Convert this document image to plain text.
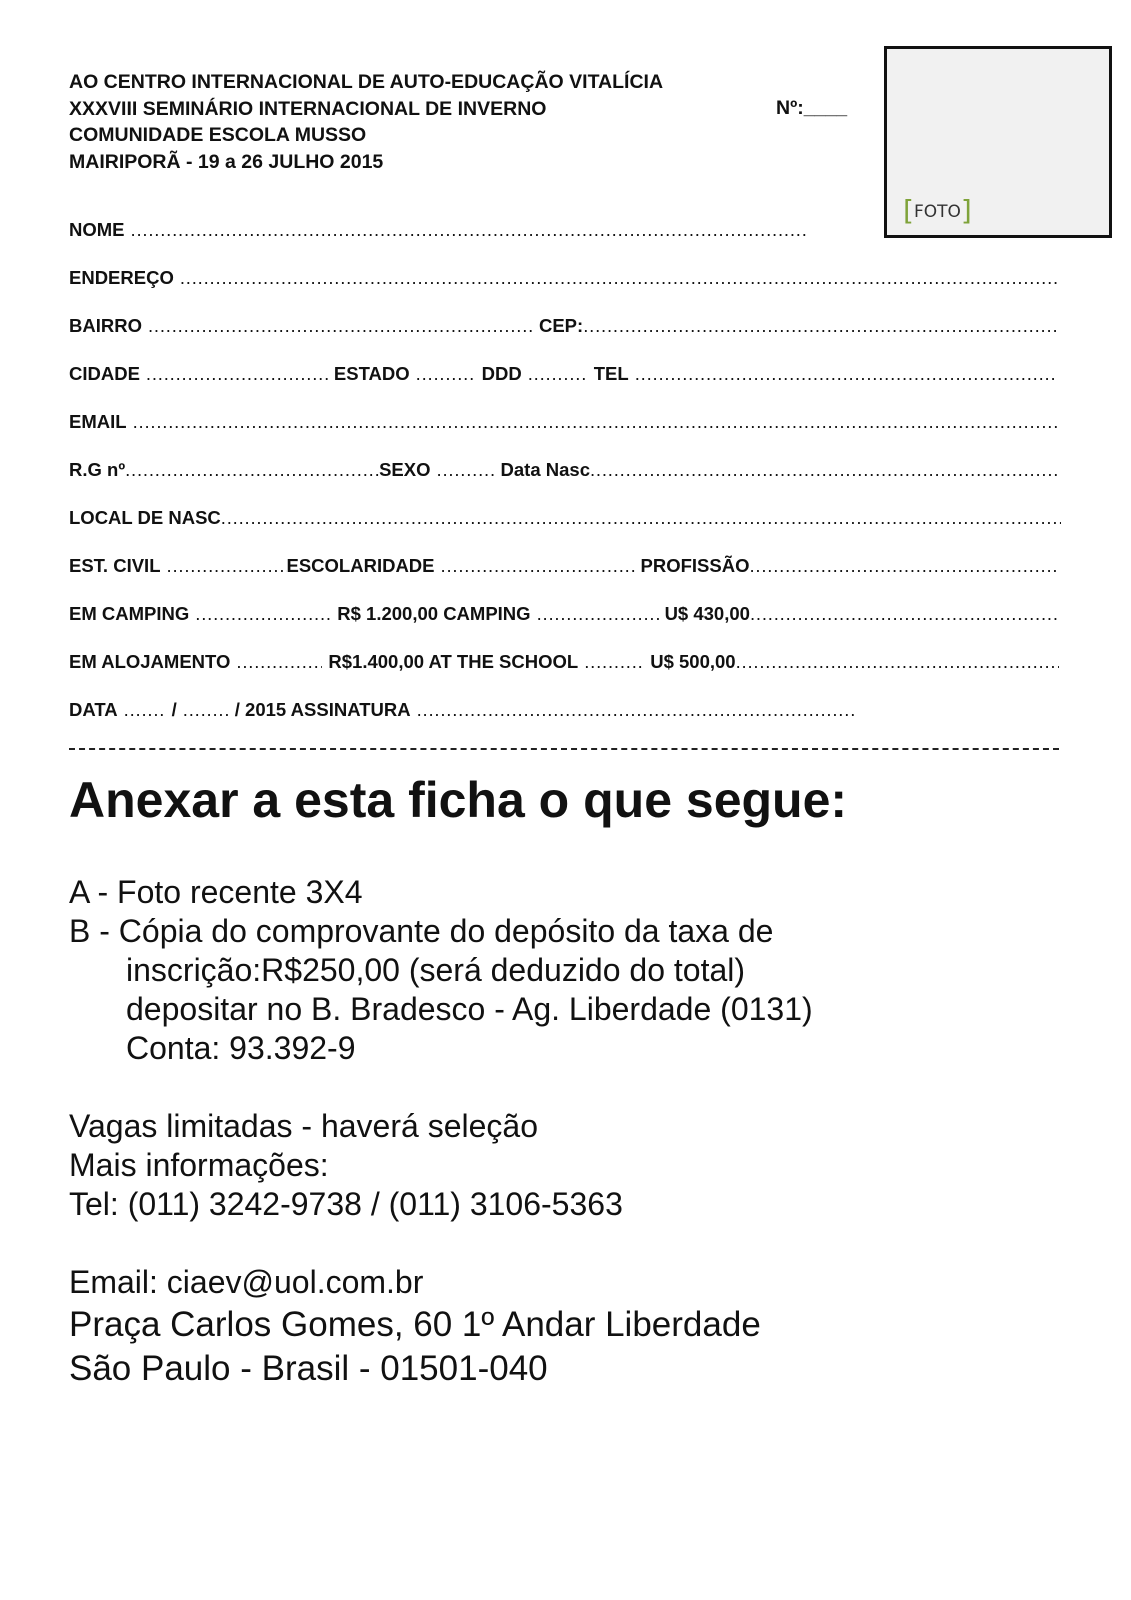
AO CENTRO INTERNACIONAL DE AUTO-EDUCAÇÃO VITALÍCIA
XXXVIII SEMINÁRIO INTERNACIONAL DE INVERNO
COMUNIDADE ESCOLA MUSSO
MAIRIPORÃ - 19 a 26 JULHO 2015
Nº:____
[FOTO]
NOME
.....
ENDEREÇO
.....
BAIRRO .....	CEP:
.....
CIDADE .....	ESTADO .....	DDD .....	TEL
.....
EMAIL
.....
R.G nº .....	SEXO .....	Data Nasc
.....
LOCAL DE NASC
.....
EST. CIVIL .....	ESCOLARIDADE .....	PROFISSÃO
.....
EM CAMPING .....	R$ 1.200,00 CAMPING .....	U$ 430,00
.....
EM ALOJAMENTO .....	R$1.400,00 AT THE SCHOOL .....	U$ 500,00
.....
DATA .....	/ .....	/ 2015 ASSINATURA
.....
Anexar a esta ficha o que segue:
A - Foto recente 3X4
B - Cópia do comprovante do depósito da taxa de
inscrição:R$250,00 (será deduzido do total)
depositar no B. Bradesco - Ag. Liberdade (0131)
Conta: 93.392-9
Vagas limitadas - haverá seleção
Mais informações:
Tel: (011) 3242-9738 / (011) 3106-5363
Email: ciaev@uol.com.br
Praça Carlos Gomes, 60 1º Andar Liberdade
São Paulo - Brasil - 01501-040
